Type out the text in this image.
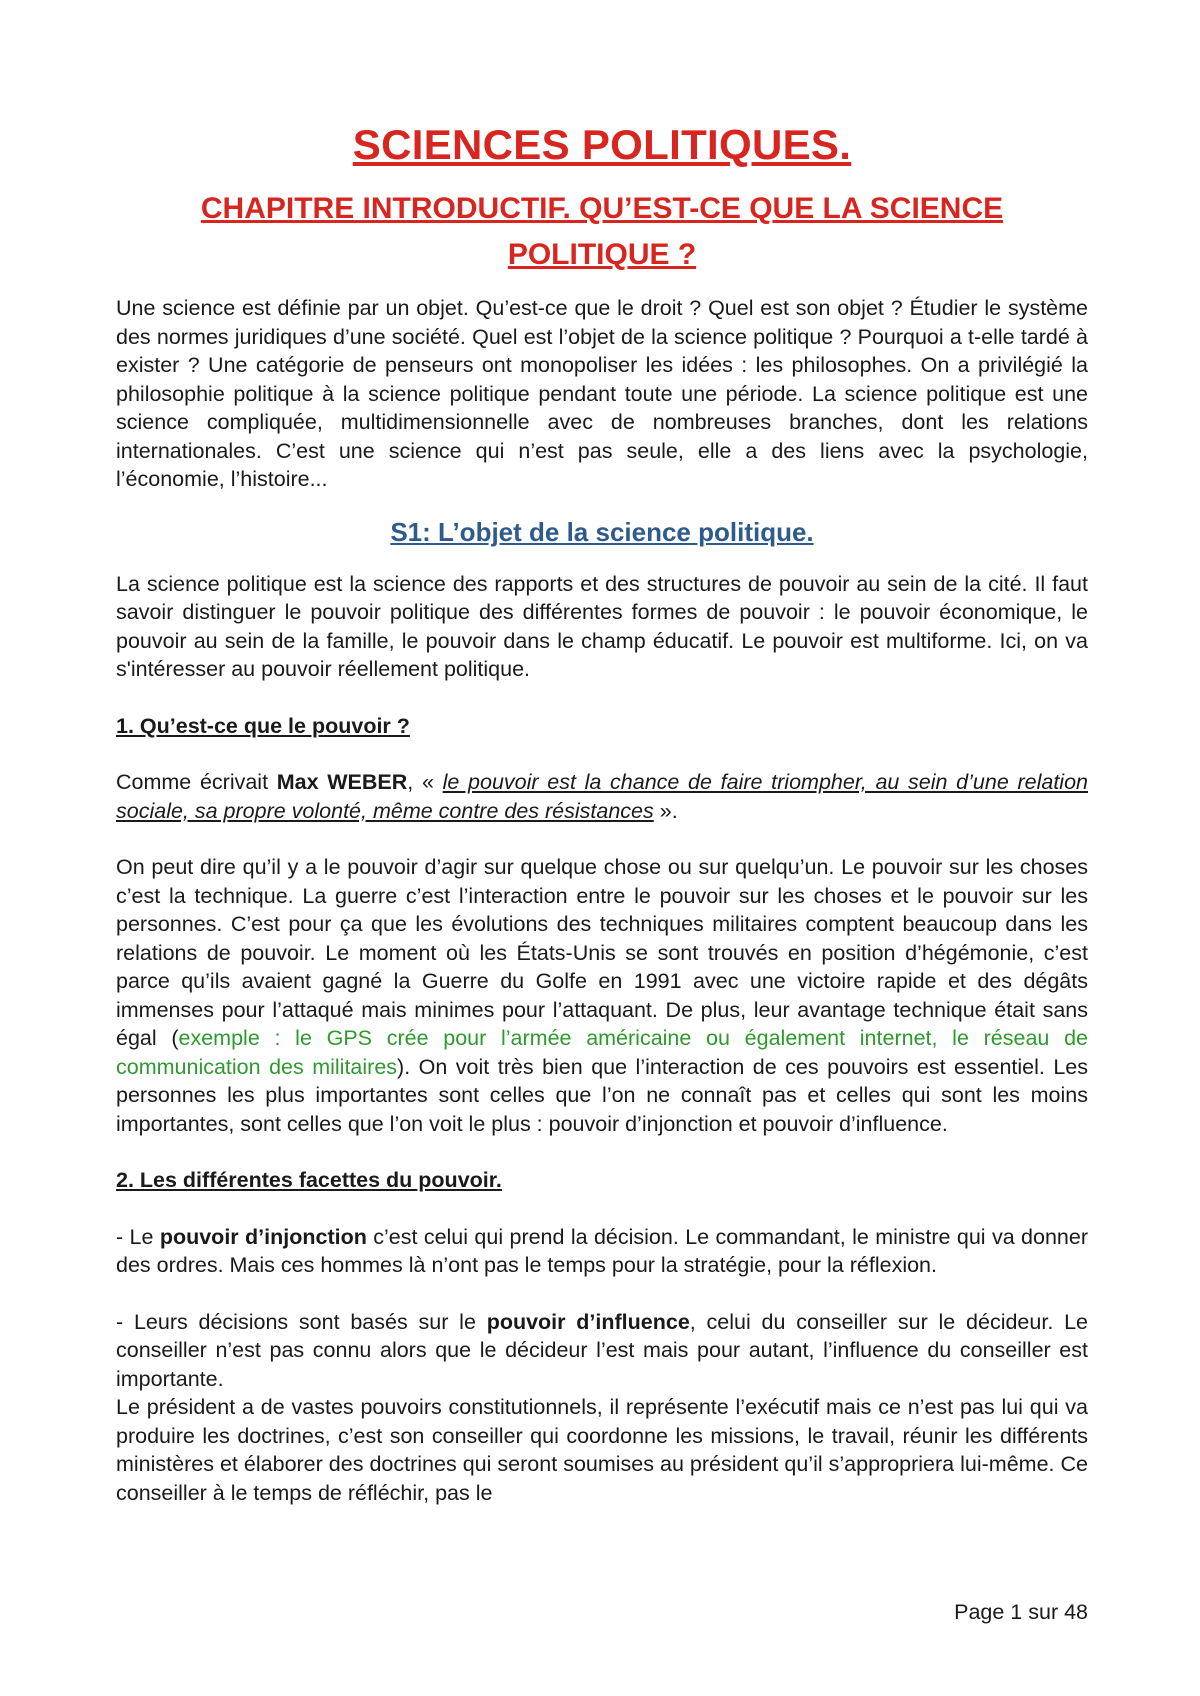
SCIENCES POLITIQUES.
CHAPITRE INTRODUCTIF. QU’EST-CE QUE LA SCIENCE POLITIQUE ?

Une science est définie par un objet. Qu’est-ce que le droit ? Quel est son objet ? Étudier le système des normes juridiques d’une société. Quel est l’objet de la science politique ? Pourquoi a t-elle tardé à exister ? Une catégorie de penseurs ont monopoliser les idées : les philosophes. On a privilégié la philosophie politique à la science politique pendant toute une période. La science politique est une science compliquée, multidimensionnelle avec de nombreuses branches, dont les relations internationales. C’est une science qui n’est pas seule, elle a des liens avec la psychologie, l’économie, l’histoire...

S1: L’objet de la science politique.

La science politique est la science des rapports et des structures de pouvoir au sein de la cité. Il faut savoir distinguer le pouvoir politique des différentes formes de pouvoir : le pouvoir économique, le pouvoir au sein de la famille, le pouvoir dans le champ éducatif. Le pouvoir est multiforme. Ici, on va s'intéresser au pouvoir réellement politique.

1. Qu’est-ce que le pouvoir ?

Comme écrivait Max WEBER, « le pouvoir est la chance de faire triompher, au sein d’une relation sociale, sa propre volonté, même contre des résistances ».

On peut dire qu’il y a le pouvoir d’agir sur quelque chose ou sur quelqu’un. Le pouvoir sur les choses c’est la technique. La guerre c’est l’interaction entre le pouvoir sur les choses et le pouvoir sur les personnes. C’est pour ça que les évolutions des techniques militaires comptent beaucoup dans les relations de pouvoir. Le moment où les États-Unis se sont trouvés en position d’hégémonie, c’est parce qu’ils avaient gagné la Guerre du Golfe en 1991 avec une victoire rapide et des dégâts immenses pour l’attaqué mais minimes pour l’attaquant. De plus, leur avantage technique était sans égal (exemple : le GPS crée pour l’armée américaine ou également internet, le réseau de communication des militaires). On voit très bien que l’interaction de ces pouvoirs est essentiel. Les personnes les plus importantes sont celles que l’on ne connaît pas et celles qui sont les moins importantes, sont celles que l’on voit le plus : pouvoir d’injonction et pouvoir d’influence.

2. Les différentes facettes du pouvoir.

- Le pouvoir d’injonction c’est celui qui prend la décision. Le commandant, le ministre qui va donner des ordres. Mais ces hommes là n’ont pas le temps pour la stratégie, pour la réflexion.

- Leurs décisions sont basés sur le pouvoir d’influence, celui du conseiller sur le décideur. Le conseiller n’est pas connu alors que le décideur l’est mais pour autant, l’influence du conseiller est importante.

Le président a de vastes pouvoirs constitutionnels, il représente l’exécutif mais ce n’est pas lui qui va produire les doctrines, c’est son conseiller qui coordonne les missions, le travail, réunir les différents ministères et élaborer des doctrines qui seront soumises au président qu’il s’appropriera lui-même. Ce conseiller à le temps de réfléchir, pas le

Page 1 sur 48
